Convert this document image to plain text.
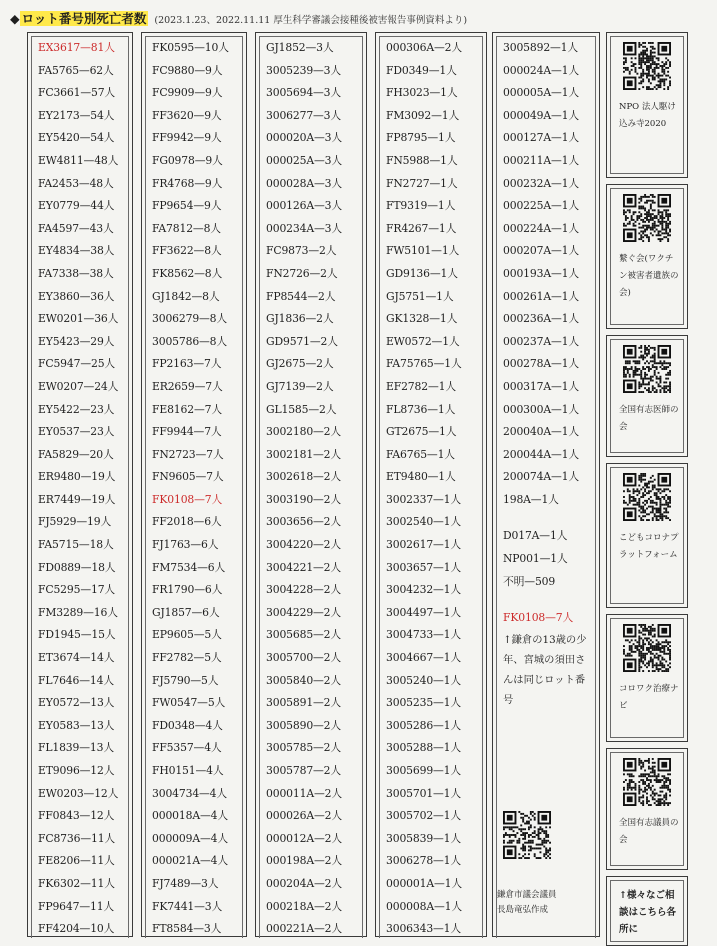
◆ ロット番号別死亡者数 (2023.1.23、2022.11.11 厚生科学審議会接種後被害報告事例資料より)
EX3617—81人
FA5765—62人
FC3661—57人
EY2173—54人
EY5420—54人
EW4811—48人
FA2453—48人
EY0779—44人
FA4597—43人
EY4834—38人
FA7338—38人
EY3860—36人
EW0201—36人
EY5423—29人
FC5947—25人
EW0207—24人
EY5422—23人
EY0537—23人
FA5829—20人
ER9480—19人
ER7449—19人
FJ5929—19人
FA5715—18人
FD0889—18人
FC5295—17人
FM3289—16人
FD1945—15人
ET3674—14人
FL7646—14人
EY0572—13人
EY0583—13人
FL1839—13人
ET9096—12人
EW0203—12人
FF0843—12人
FC8736—11人
FE8206—11人
FK6302—11人
FP9647—11人
FF4204—10人
FK0595—10人
FC9880—9人
FC9909—9人
FF3620—9人
FF9942—9人
FG0978—9人
FR4768—9人
FP9654—9人
FA7812—8人
FF3622—8人
FK8562—8人
GJ1842—8人
3006279—8人
3005786—8人
FP2163—7人
ER2659—7人
FE8162—7人
FF9944—7人
FN2723—7人
FN9605—7人
FK0108—7人
FF2018—6人
FJ1763—6人
FM7534—6人
FR1790—6人
GJ1857—6人
EP9605—5人
FF2782—5人
FJ5790—5人
FW0547—5人
FD0348—4人
FF5357—4人
FH0151—4人
3004734—4人
000018A—4人
000009A—4人
000021A—4人
FJ7489—3人
FK7441—3人
FT8584—3人
GJ1852—3人
3005239—3人
3005694—3人
3006277—3人
000020A—3人
000025A—3人
000028A—3人
000126A—3人
000234A—3人
FC9873—2人
FN2726—2人
FP8544—2人
GJ1836—2人
GD9571—2人
GJ2675—2人
GJ7139—2人
GL1585—2人
3002180—2人
3002181—2人
3002618—2人
3003190—2人
3003656—2人
3004220—2人
3004221—2人
3004228—2人
3004229—2人
3005685—2人
3005700—2人
3005840—2人
3005891—2人
3005890—2人
3005785—2人
3005787—2人
000011A—2人
000026A—2人
000012A—2人
000198A—2人
000204A—2人
000218A—2人
000221A—2人
000306A—2人
FD0349—1人
FH3023—1人
FM3092—1人
FP8795—1人
FN5988—1人
FN2727—1人
FT9319—1人
FR4267—1人
FW5101—1人
GD9136—1人
GJ5751—1人
GK1328—1人
EW0572—1人
FA75765—1人
EF2782—1人
FL8736—1人
GT2675—1人
FA6765—1人
ET9480—1人
3002337—1人
3002540—1人
3002617—1人
3003657—1人
3004232—1人
3004497—1人
3004733—1人
3004667—1人
3005240—1人
3005235—1人
3005286—1人
3005288—1人
3005699—1人
3005701—1人
3005702—1人
3005839—1人
3006278—1人
000001A—1人
000008A—1人
3006343—1人
3005892—1人
000024A—1人
000005A—1人
000049A—1人
000127A—1人
000211A—1人
000232A—1人
000225A—1人
000224A—1人
000207A—1人
000193A—1人
000261A—1人
000236A—1人
000237A—1人
000278A—1人
000317A—1人
000300A—1人
200040A—1人
200044A—1人
200074A—1人
198A—1人
D017A—1人
NP001—1人
不明—509
FK0108—7人
↑鎌倉の13歳の少年、宮城の須田さんは同じロット番号
鎌倉市議会議員
長島竜弘作成
NPO 法人駆け込み寺2020
繋ぐ会(ワクチン被害者遺族の会)
全国有志医師の会
こどもコロナプラットフォーム
コロワク治療ナビ
全国有志議員の会
↑様々なご相談はこちら各所に
